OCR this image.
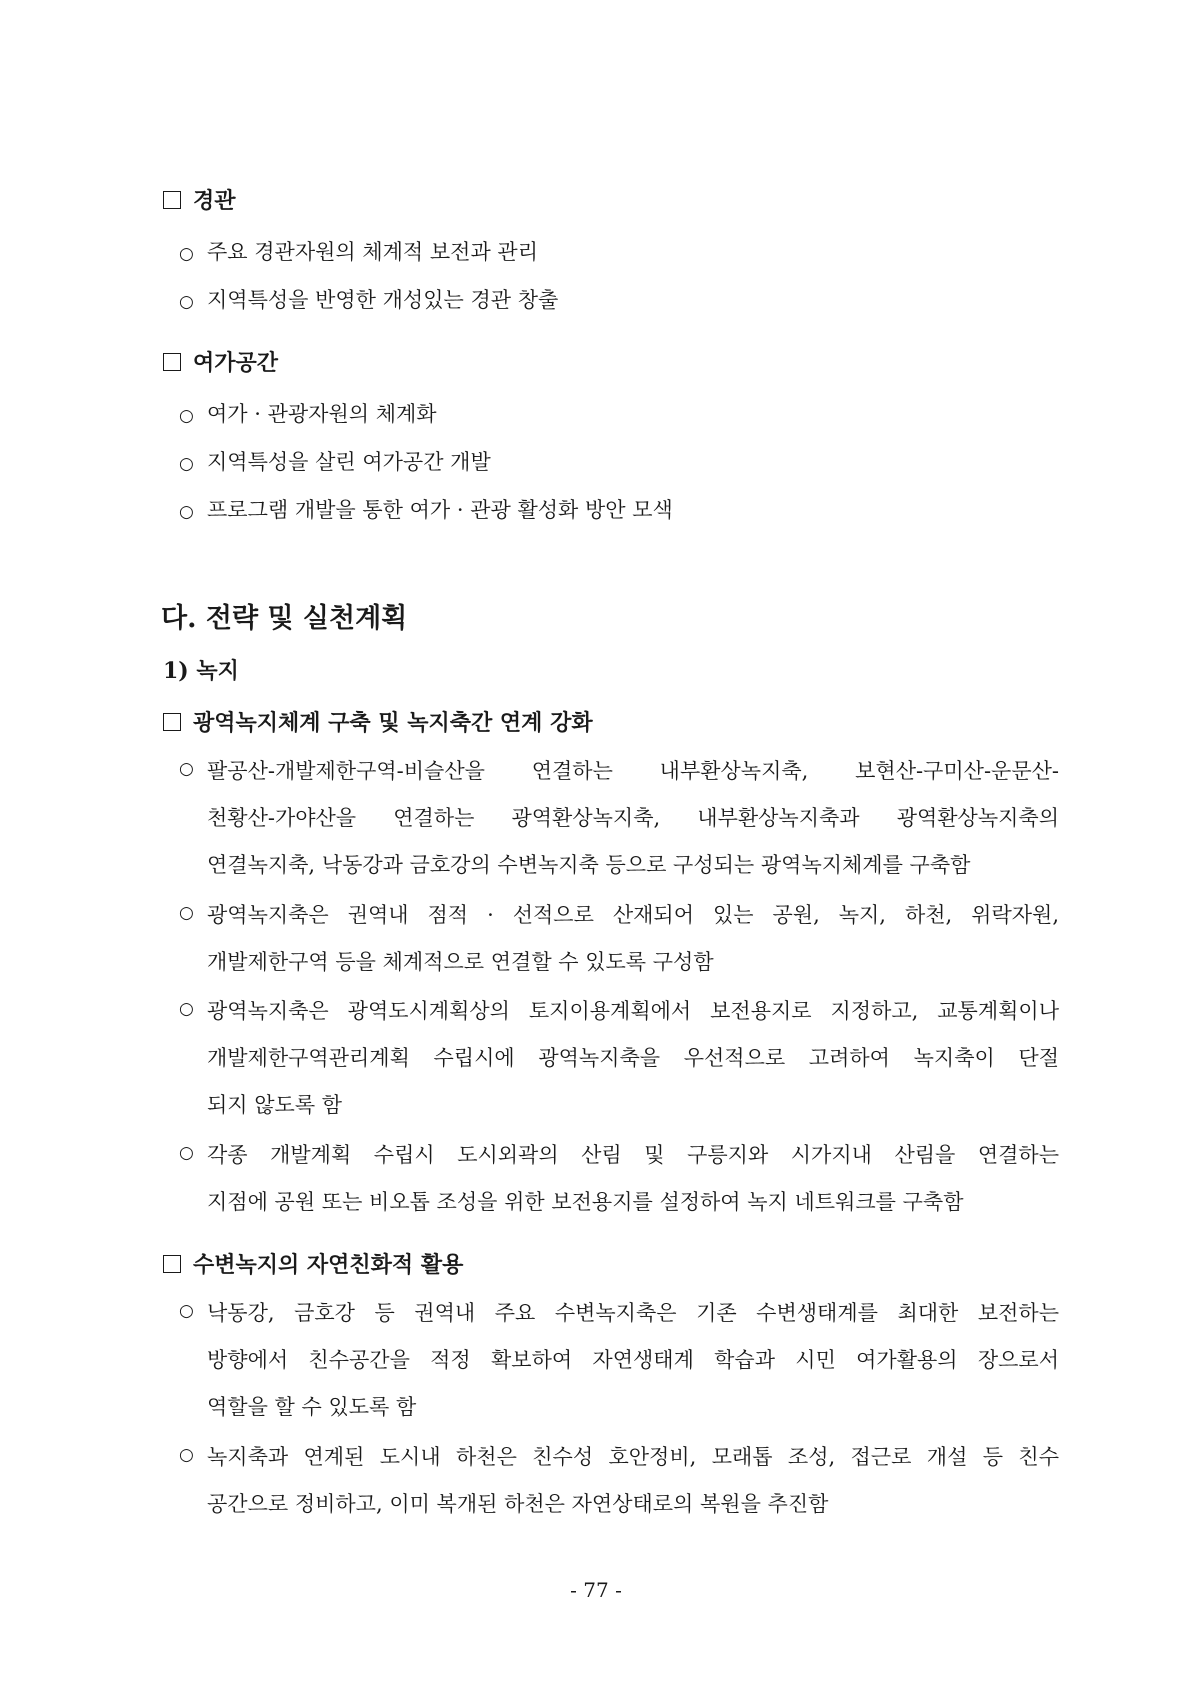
경관
○ 주요 경관자원의 체계적 보전과 관리
○ 지역특성을 반영한 개성있는 경관 창출
여가공간
○ 여가 · 관광자원의 체계화
○ 지역특성을 살린 여가공간 개발
○ 프로그램 개발을 통한 여가 · 관광 활성화 방안 모색
다. 전략 및 실천계획
1) 녹지
광역녹지체계 구축 및 녹지축간 연계 강화
○ 팔공산-개발제한구역-비슬산을 연결하는 내부환상녹지축, 보현산-구미산-운문산-
천황산-가야산을 연결하는 광역환상녹지축, 내부환상녹지축과 광역환상녹지축의
연결녹지축, 낙동강과 금호강의 수변녹지축 등으로 구성되는 광역녹지체계를 구축함
○ 광역녹지축은 권역내 점적 · 선적으로 산재되어 있는 공원, 녹지, 하천, 위락자원,
개발제한구역 등을 체계적으로 연결할 수 있도록 구성함
○ 광역녹지축은 광역도시계획상의 토지이용계획에서 보전용지로 지정하고, 교통계획이나
개발제한구역관리계획 수립시에 광역녹지축을 우선적으로 고려하여 녹지축이 단절
되지 않도록 함
○ 각종 개발계획 수립시 도시외곽의 산림 및 구릉지와 시가지내 산림을 연결하는
지점에 공원 또는 비오톱 조성을 위한 보전용지를 설정하여 녹지 네트워크를 구축함
수변녹지의 자연친화적 활용
○ 낙동강, 금호강 등 권역내 주요 수변녹지축은 기존 수변생태계를 최대한 보전하는
방향에서 친수공간을 적정 확보하여 자연생태계 학습과 시민 여가활용의 장으로서
역할을 할 수 있도록 함
○ 녹지축과 연계된 도시내 하천은 친수성 호안정비, 모래톱 조성, 접근로 개설 등 친수
공간으로 정비하고, 이미 복개된 하천은 자연상태로의 복원을 추진함
- 77 -
